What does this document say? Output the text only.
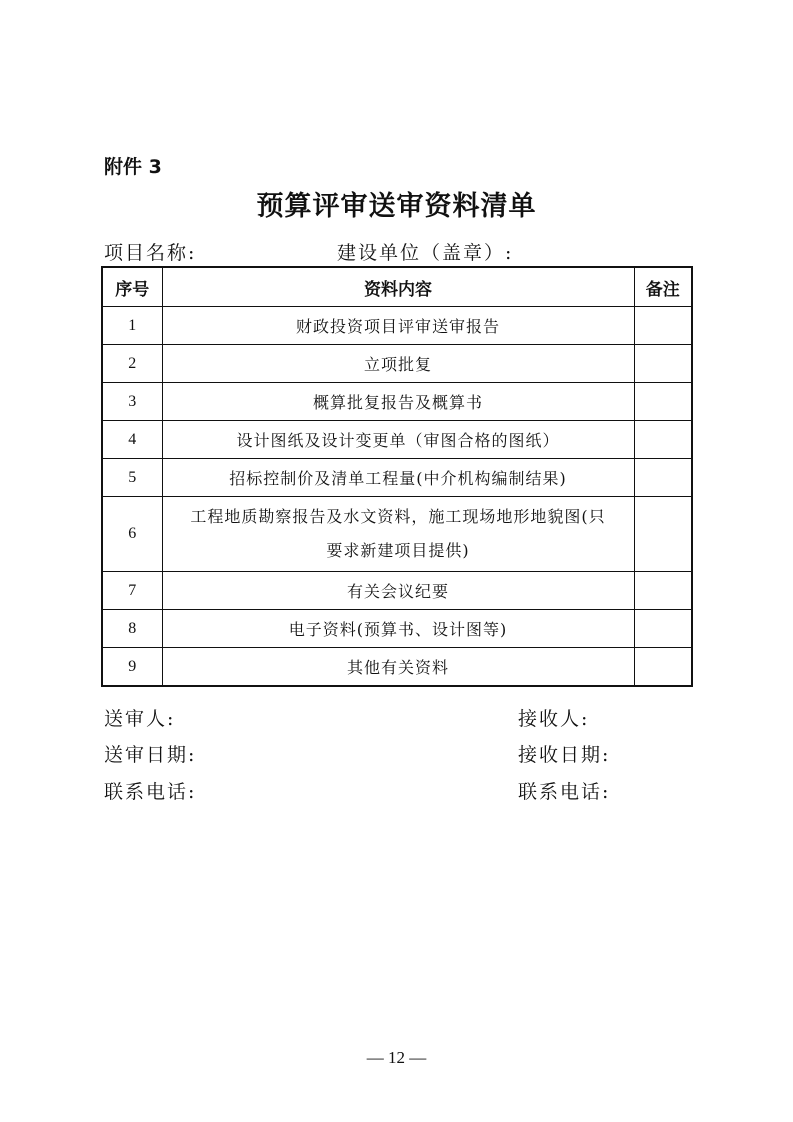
附件 3
预算评审送审资料清单
项目名称:	建设单位（盖章）:
序号	资料内容	备注
1	财政投资项目评审送审报告	
2	立项批复	
3	概算批复报告及概算书	
4	设计图纸及设计变更单（审图合格的图纸）	
5	招标控制价及清单工程量(中介机构编制结果)	
6	工程地质勘察报告及水文资料，施工现场地形地貌图(只
要求新建项目提供)	

7	有关会议纪要	
8	电子资料(预算书、设计图等)	
9	其他有关资料	
送审人:	接收人:
送审日期:	接收日期:
联系电话:	联系电话:
— 12 —
